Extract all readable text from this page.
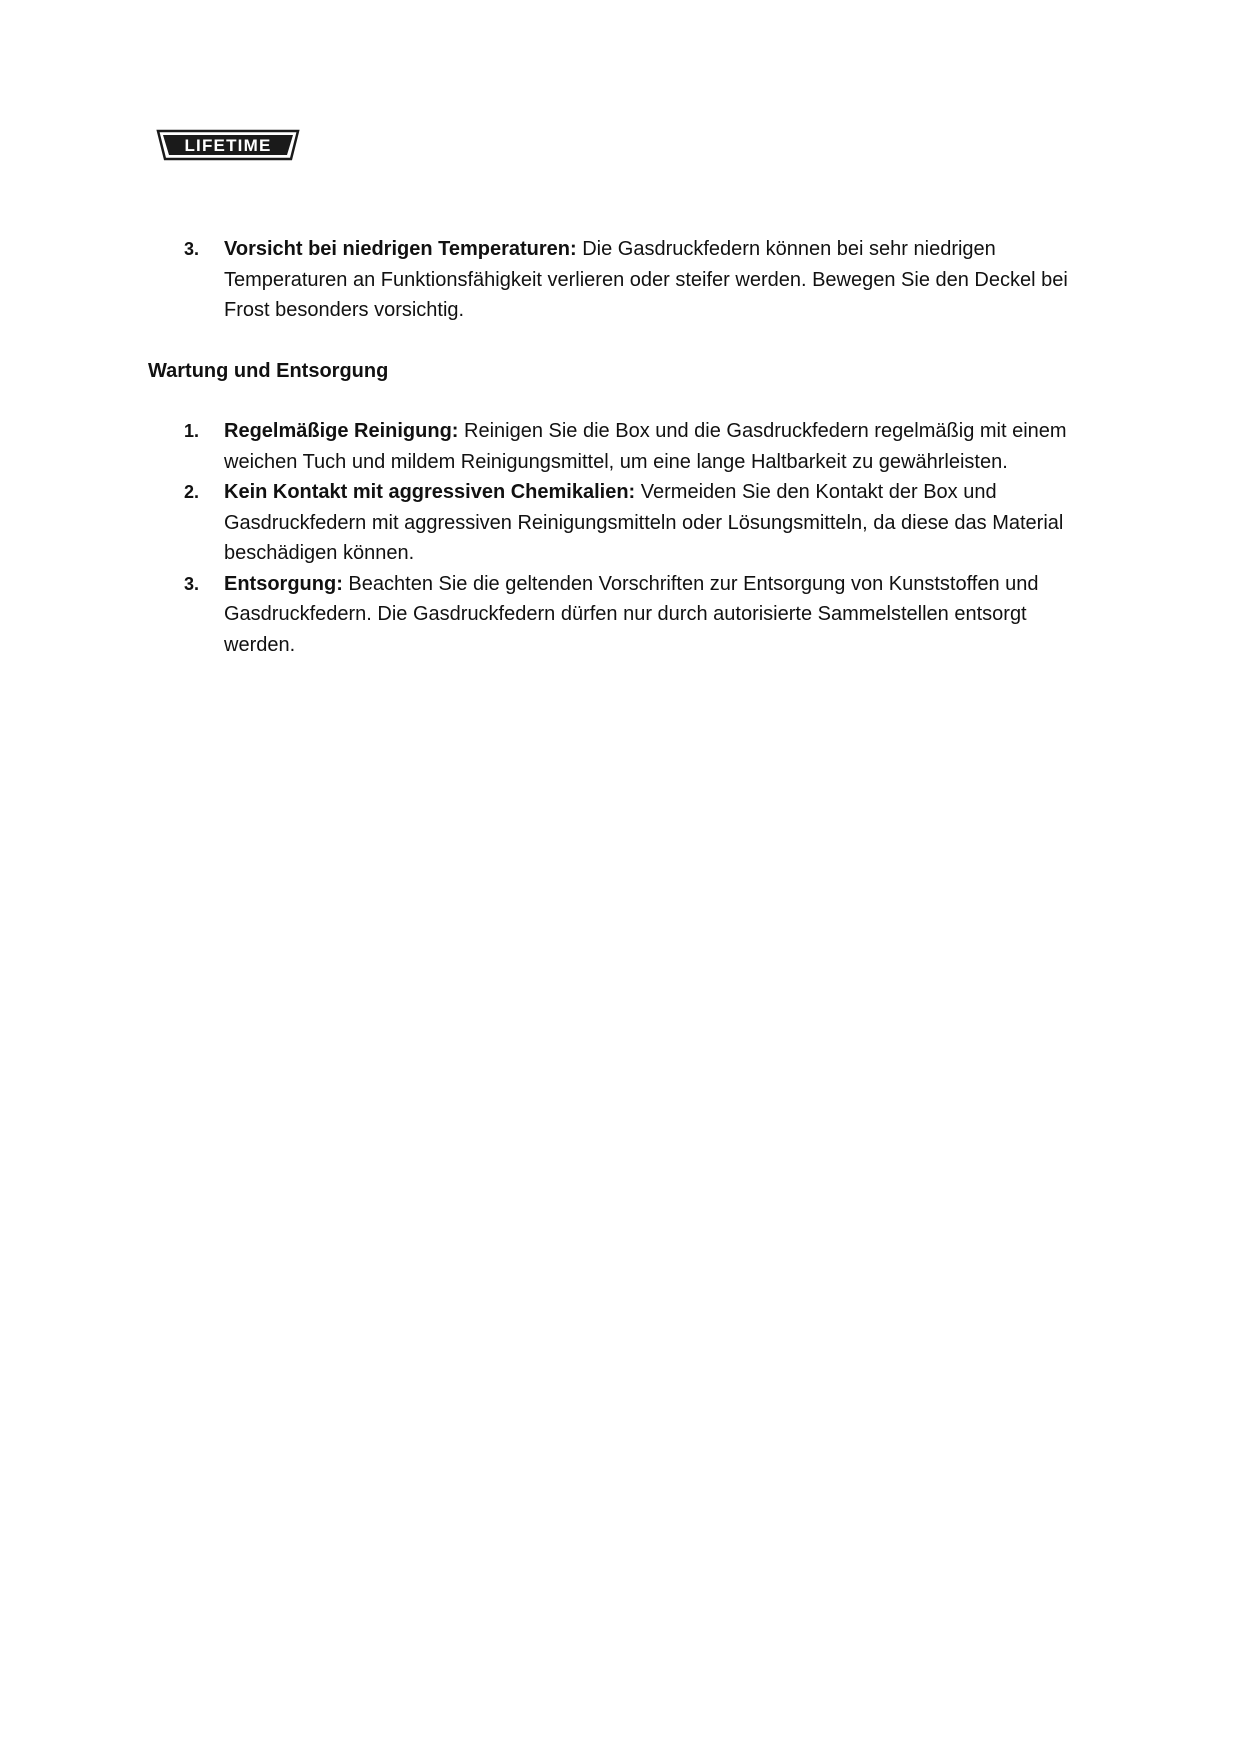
LIFETIME
3. Vorsicht bei niedrigen Temperaturen: Die Gasdruckfedern können bei sehr niedrigen Temperaturen an Funktionsfähigkeit verlieren oder steifer werden. Bewegen Sie den Deckel bei Frost besonders vorsichtig.
Wartung und Entsorgung
1. Regelmäßige Reinigung: Reinigen Sie die Box und die Gasdruckfedern regelmäßig mit einem weichen Tuch und mildem Reinigungsmittel, um eine lange Haltbarkeit zu gewährleisten.
2. Kein Kontakt mit aggressiven Chemikalien: Vermeiden Sie den Kontakt der Box und Gasdruckfedern mit aggressiven Reinigungsmitteln oder Lösungsmitteln, da diese das Material beschädigen können.
3. Entsorgung: Beachten Sie die geltenden Vorschriften zur Entsorgung von Kunststoffen und Gasdruckfedern. Die Gasdruckfedern dürfen nur durch autorisierte Sammelstellen entsorgt werden.
